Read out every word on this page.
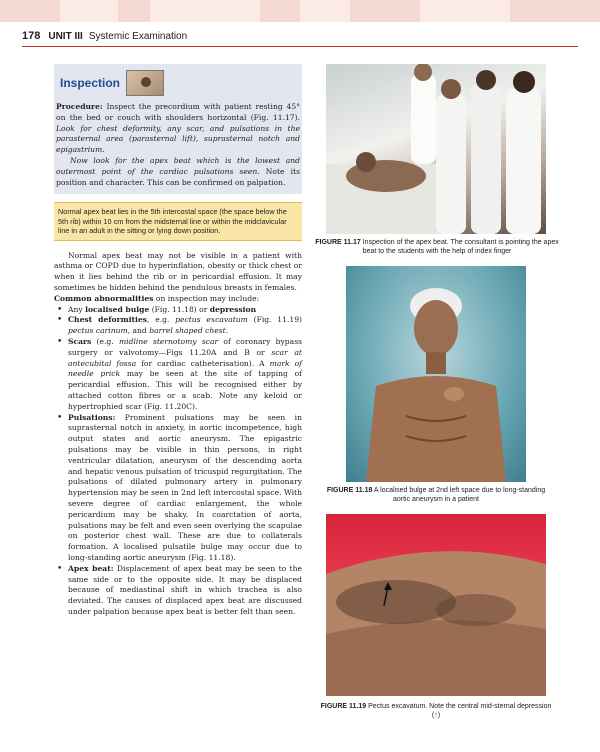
178 UNIT III Systemic Examination
Inspection

Procedure: Inspect the precordium with patient resting 45° on the bed or couch with shoulders horizontal (Fig. 11.17). Look for chest deformity, any scar, and pulsations in the parasternal area (parasternal lift), suprasternal notch and epigastrium.

Now look for the apex beat which is the lowest and outermost point of the cardiac pulsations seen. Note its position and character. This can be confirmed on palpation.

Normal apex beat lies in the 5th intercostal space (the space below the 5th rib) within 10 cm from the midsternal line or within the midclavicular line in an adult in the sitting or lying down position.

Normal apex beat may not be visible in a patient with asthma or COPD due to hyperinflation, obesity or thick chest or when it lies behind the rib or in pericardial effusion. It may sometimes be hidden behind the pendulous breasts in females.

Common abnormalities on inspection may include:

• Any localised bulge (Fig. 11.18) or depression
• Chest deformities, e.g. pectus excavatum (Fig. 11.19) pectus carinum, and barrel shaped chest.
• Scars (e.g. midline sternotomy scar of coronary bypass surgery or valvotomy—Figs 11.20A and B or scar at antecubital fossa for cardiac catheterisation). A mark of needle prick may be seen at the site of tapping of pericardial effusion. This will be recognised either by attached cotton fibres or a scab. Note any keloid or hypertrophied scar (Fig. 11.20C).
• Pulsations: Prominent pulsations may be seen in suprasternal notch in anxiety, in aortic incompetence, high output states and aortic aneurysm. The epigastric pulsations may be visible in thin persons, in right ventricular dilatation, aneurysm of the descending aorta and hepatic venous pulsation of tricuspid regurgitation. The pulsations of dilated pulmonary artery in pulmonary hypertension may be seen in 2nd left intercostal space. With severe degree of cardiac enlargement, the whole pericardium may be shaky. In coarctation of aorta, pulsations may be felt and even seen overlying the scapulae on posterior chest wall. These are due to collaterals formation. A localised pulsatile bulge may occur due to long-standing aortic aneurysm (Fig. 11.18).
• Apex beat: Displacement of apex beat may be seen to the same side or to the opposite side. It may be displaced because of mediastinal shift in which trachea is also deviated. The causes of displaced apex beat are discussed under palpation because apex beat is better felt than seen.
FIGURE 11.17 Inspection of the apex beat. The consultant is pointing the apex beat to the students with the help of index finger
FIGURE 11.18 A localised bulge at 2nd left space due to long-standing aortic aneurysm in a patient
FIGURE 11.19 Pectus excavatum. Note the central mid-sternal depression (↑)
